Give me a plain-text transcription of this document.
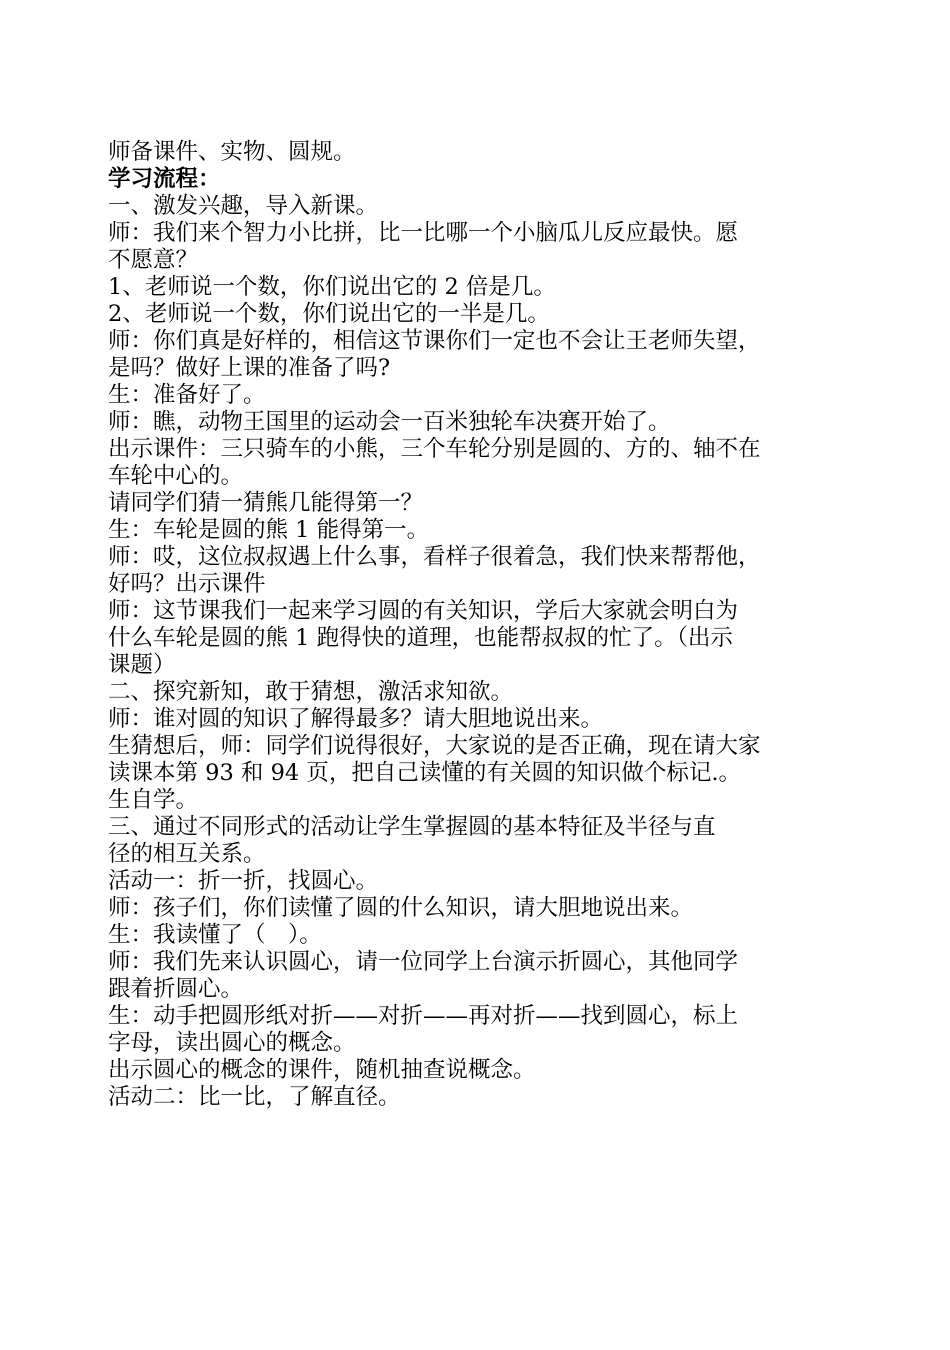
师备课件、实物、圆规。
学习流程：
一、激发兴趣，导入新课。
师：我们来个智力小比拼，比一比哪一个小脑瓜儿反应最快。愿
不愿意？
1、老师说一个数，你们说出它的 2 倍是几。
2、老师说一个数，你们说出它的一半是几。
师：你们真是好样的，相信这节课你们一定也不会让王老师失望，
是吗？做好上课的准备了吗?
生：准备好了。
师：瞧，动物王国里的运动会一百米独轮车决赛开始了。
出示课件：三只骑车的小熊，三个车轮分别是圆的、方的、轴不在
车轮中心的。
请同学们猜一猜熊几能得第一？
生：车轮是圆的熊 1 能得第一。
师：哎，这位叔叔遇上什么事，看样子很着急，我们快来帮帮他，
好吗？出示课件
师：这节课我们一起来学习圆的有关知识，学后大家就会明白为
什么车轮是圆的熊 1 跑得快的道理，也能帮叔叔的忙了。（出示
课题）
二、探究新知，敢于猜想，激活求知欲。
师：谁对圆的知识了解得最多？请大胆地说出来。
生猜想后，师：同学们说得很好，大家说的是否正确，现在请大家
读课本第 93 和 94 页，把自己读懂的有关圆的知识做个标记.。
生自学。
三、通过不同形式的活动让学生掌握圆的基本特征及半径与直
径的相互关系。
活动一：折一折，找圆心。
师：孩子们，你们读懂了圆的什么知识，请大胆地说出来。
生：我读懂了（　）。
师：我们先来认识圆心，请一位同学上台演示折圆心，其他同学
跟着折圆心。
生：动手把圆形纸对折——对折——再对折——找到圆心，标上
字母，读出圆心的概念。
出示圆心的概念的课件，随机抽查说概念。
活动二：比一比，了解直径。
